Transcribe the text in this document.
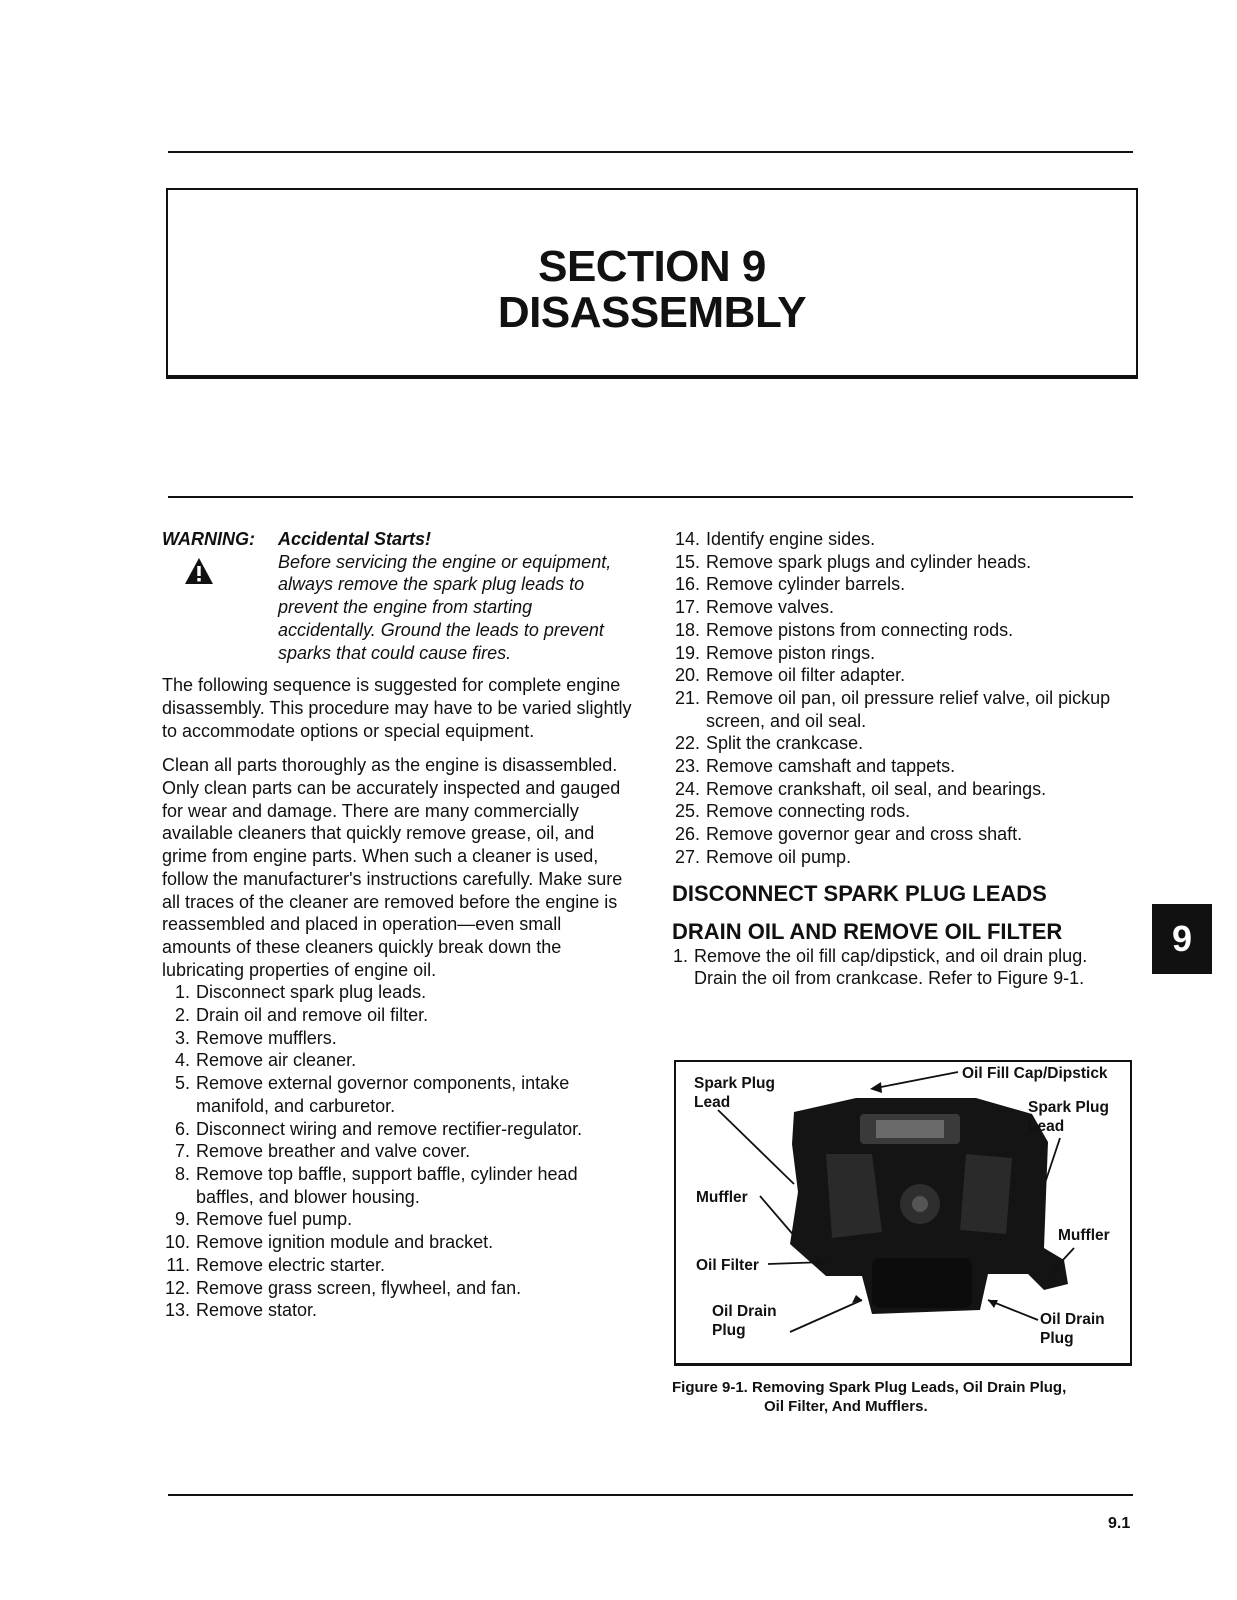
SECTION 9
DISASSEMBLY
WARNING:	Accidental Starts!
Before servicing the engine or equipment, always remove the spark plug leads to prevent the engine from starting accidentally. Ground the leads to prevent sparks that could cause fires.

The following sequence is suggested for complete engine disassembly. This procedure may have to be varied slightly to accommodate options or special equipment.

Clean all parts thoroughly as the engine is disassembled. Only clean parts can be accurately inspected and gauged for wear and damage. There are many commercially available cleaners that quickly remove grease, oil, and grime from engine parts. When such a cleaner is used, follow the manufacturer's instructions carefully. Make sure all traces of the cleaner are removed before the engine is reassembled and placed in operation—even small amounts of these cleaners quickly break down the lubricating properties of engine oil.

1. Disconnect spark plug leads.
2. Drain oil and remove oil filter.
3. Remove mufflers.
4. Remove air cleaner.
5. Remove external governor components, intake manifold, and carburetor.
6. Disconnect wiring and remove rectifier-regulator.
7. Remove breather and valve cover.
8. Remove top baffle, support baffle, cylinder head baffles, and blower housing.
9. Remove fuel pump.
10. Remove ignition module and bracket.
11. Remove electric starter.
12. Remove grass screen, flywheel, and fan.
13. Remove stator.
14. Identify engine sides.
15. Remove spark plugs and cylinder heads.
16. Remove cylinder barrels.
17. Remove valves.
18. Remove pistons from connecting rods.
19. Remove piston rings.
20. Remove oil filter adapter.
21. Remove oil pan, oil pressure relief valve, oil pickup screen, and oil seal.
22. Split the crankcase.
23. Remove camshaft and tappets.
24. Remove crankshaft, oil seal, and bearings.
25. Remove connecting rods.
26. Remove governor gear and cross shaft.
27. Remove oil pump.
DISCONNECT SPARK PLUG LEADS
DRAIN OIL AND REMOVE OIL FILTER
1. Remove the oil fill cap/dipstick, and oil drain plug. Drain the oil from crankcase. Refer to Figure 9-1.
Spark Plug Lead
Oil Fill Cap/Dipstick
Spark Plug Lead
Muffler
Muffler
Oil Filter
Oil Drain Plug
Oil Drain Plug
Figure 9-1. Removing Spark Plug Leads, Oil Drain Plug,
Oil Filter, And Mufflers.
9
9.1
